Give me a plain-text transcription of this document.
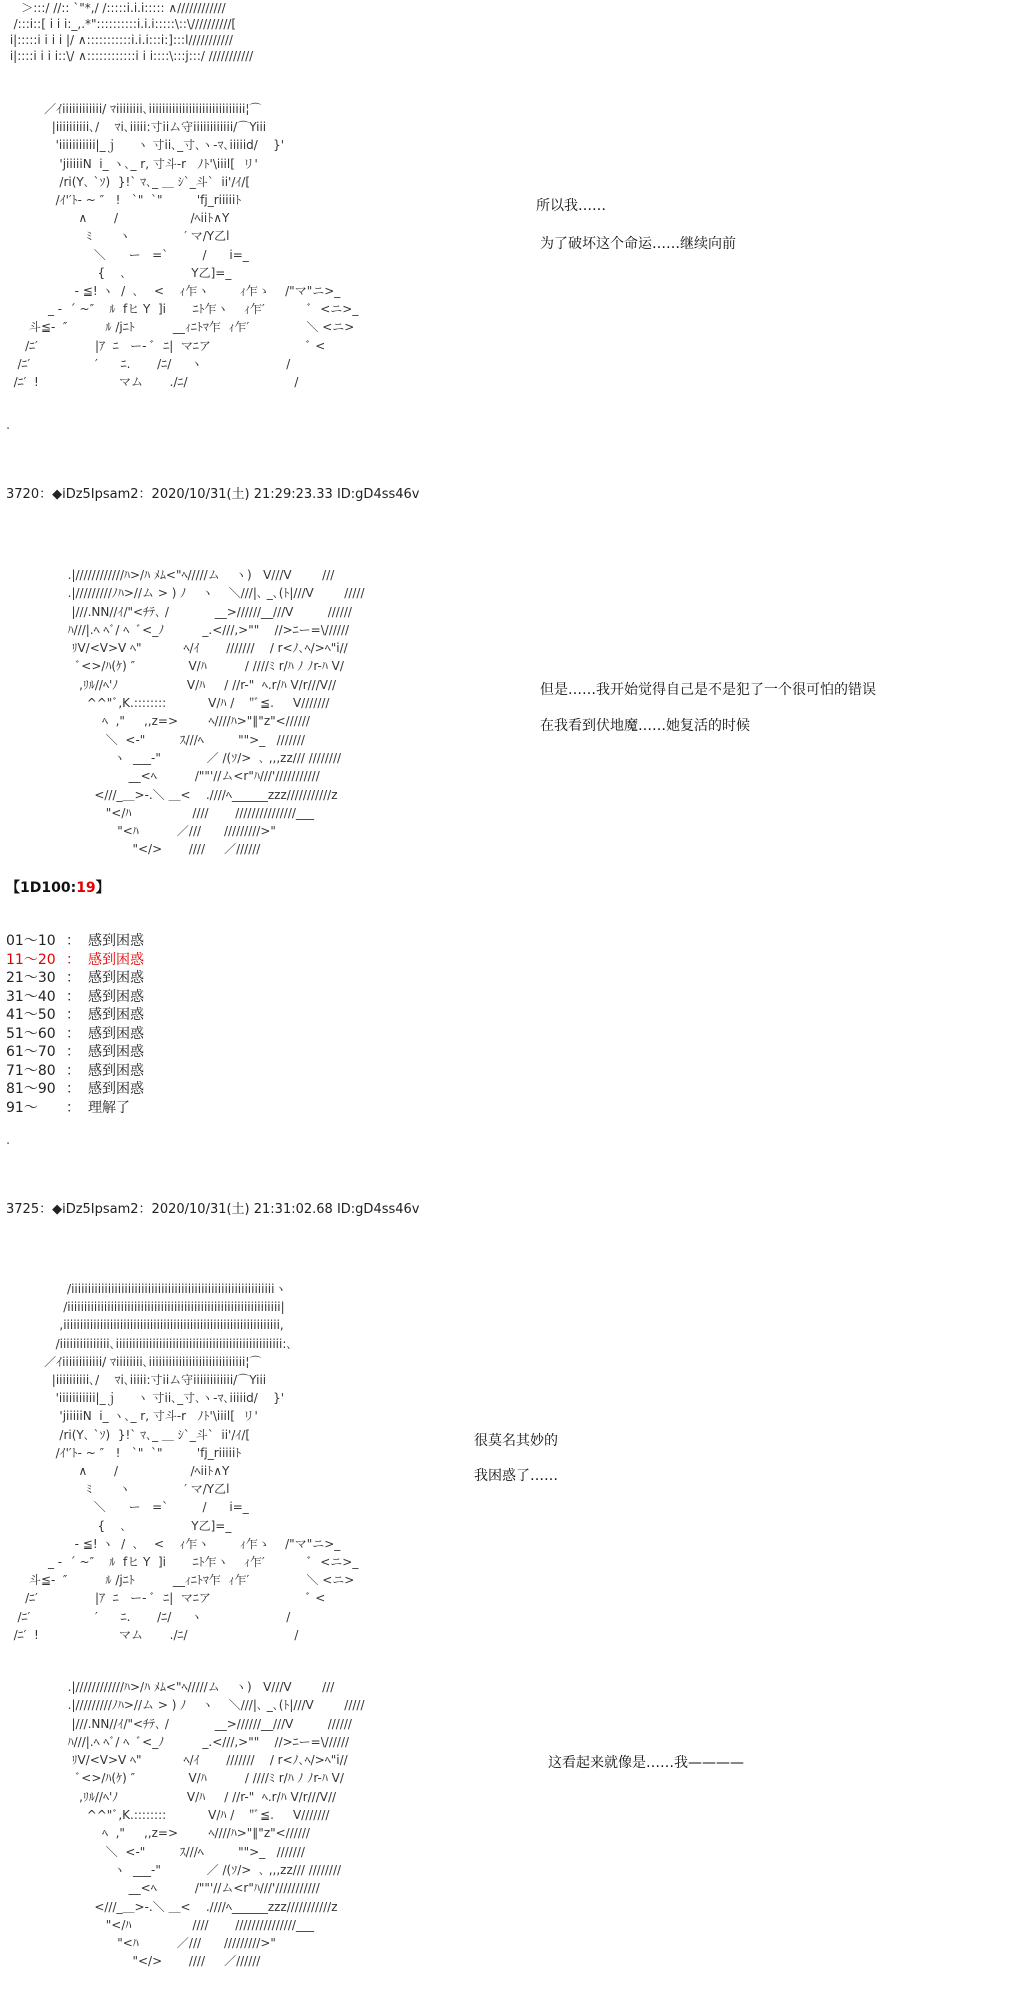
＞:::/ //:: `"*,/ /:::::i.i.i::::: ∧////////////
/:::i::[ i i i:_,.*"::::::::::i.i.i:::::\::\//////////[
i|:::::i i i i |/ ∧:::::::::::i.i.i:::i:]:::l///////////
i|::::i i i i::\/ ∧::::::::::::i i i::::\:::j:::/ ///////////
／ｲiiiiiiiiiiii/ ﾏiiiiiiii､iiiiiiiiiiiiiiiiiiiiiiiiiiiii¦⌒
|iiiiiiiiii､/    ﾏi､iiiii:寸iiム守iiiiiiiiiiii/⌒Yiii
'iiiiiiiiiii|_ｊ     ヽ 寸ii､_寸､ヽ-ﾏ､iiiiid/    }'
'jiiiiiN  i_ ヽ､_ r, 寸斗-r   ﾉﾄ'\iiil[  リ'
/ri(Y､ `ｿ)  }!` ﾏ､_ ＿ ｼ`_斗`  ii'/ｲ/[
/ｲ'′ﾄ‐ ~ ″   !   `"  `"         'fj_riiiiiﾄ
∧       /                   /ﾍiiﾄ∧Y
ﾐ       ヽ              ′ マ/Y乙l
＼      ー   =`         /      i=_
{    ､                 Y乙]=_
- ≦! ヽ  /  ､    <    ｨ乍ヽ        ｨ乍ゝ    /"マ"ニ>_
_ -  ´ ~″    ﾙ  fヒ Y  ]i       ﾆﾄ乍ヽ    ｨ乍′           ﾞ  <ニ>_
斗≦-  ″          ﾙ /jﾆﾄ          __ｨﾆﾄﾏ乍  ｨ乍′               ＼ <ニ>
/ﾆ′               |ｱ  ﾆ   ー‐ ﾞ  ﾆ|  マﾆア                         ﾞ <
/ﾆ′                 ′      ﾆ.       /ﾆ/     ヽ                      /
/ﾆ′  !                     マム       ./ﾆ/                            /
所以我……
为了破坏这个命运……继续向前
.
3720：◆iDz5Ipsam2：2020/10/31(土) 21:29:23.33 ID:gD4ss46v
.|////////////ﾊ>/ﾊ ﾒﾑ<"ﾍ/////ム    ヽ)   V///V        ///
.|/////////ﾉﾊ>//ム > ) ﾉ    ヽ    ＼///|､ _､(ﾄ|///V        /////
|///.NN//ｲ/"<ﾁﾃ､ /            __>//////__///V         //////
ﾊ///|.ﾍ ﾍﾞ/ ﾍ  ﾞ<_ﾉ          _.<///,>""    //>ﾆー=\//////
ﾘV/<V>V ﾍ"           ﾍ/ｲ       ///////    / r<ﾉ､ﾍ/>ﾍ"i//
ﾞ<>/ﾊ(ｹ) ″              V/ﾊ          / ////ﾐ r/ﾊ ﾉ ﾉr-ﾊ V/
,ﾘﾙ//ﾍ'ﾉ                  V/ﾊ     / //r-"  ﾍ.r/ﾊ V/r///V//
^^"ﾞ,K.::::::::           V/ﾊ /    "ﾞ≦.     V///////
ﾍ  ,"     ,,z=>        ﾍ////ﾊ>"∥"z"<//////
＼  <-"         ｽ///ﾍ         "">_   ///////
ヽ  ___-"            ／ /(ｿ/>  ､ ,,,zz/// ////////
__<ﾍ          /""'//ム<r"ﾊ///'///////////
<///_＿>-.＼ ＿<    .////ﾍ______zzz///////////z
"</ﾊ                ////       ///////////////___
"<ﾊ          ／///      /////////>"
"</>       ////     ／//////
但是……我开始觉得自己是不是犯了一个很可怕的错误
在我看到伏地魔……她复活的时候
【1D100:19】
01～10 ： 感到困惑
11～20 ： 感到困惑
21～30 ： 感到困惑
31～40 ： 感到困惑
41～50 ： 感到困惑
51～60 ： 感到困惑
61～70 ： 感到困惑
71～80 ： 感到困惑
81～90 ： 感到困惑
91～ ： 理解了
.
3725：◆iDz5Ipsam2：2020/10/31(土) 21:31:02.68 ID:gD4ss46v
/iiiiiiiiiiiiiiiiiiiiiiiiiiiiiiiiiiiiiiiiiiiiiiiiiiiiiiiiiiiiiヽ
/iiiiiiiiiiiiiiiiiiiiiiiiiiiiiiiiiiiiiiiiiiiiiiiiiiiiiiiiiiiiiiii|
,iiiiiiiiiiiiiiiiiiiiiiiiiiiiiiiiiiiiiiiiiiiiiiiiiiiiiiiiiiiiiiiii,
/iiiiiiiiiiiiiii､iiiiiiiiiiiiiiiiiiiiiiiiiiiiiiiiiiiiiiiiiiiiiiiiii:､
／ｲiiiiiiiiiiii/ ﾏiiiiiiii､iiiiiiiiiiiiiiiiiiiiiiiiiiiii¦⌒
|iiiiiiiiii､/    ﾏi､iiiii:寸iiム守iiiiiiiiiiii/⌒Yiii
'iiiiiiiiiii|_ｊ     ヽ 寸ii､_寸､ヽ-ﾏ､iiiiid/    }'
'jiiiiiN  i_ ヽ､_ r, 寸斗-r   ﾉﾄ'\iiil[  リ'
/ri(Y､ `ｿ)  }!` ﾏ､_ ＿ ｼ`_斗`  ii'/ｲ/[
/ｲ'′ﾄ‐ ~ ″   !   `"  `"         'fj_riiiiiﾄ
∧       /                   /ﾍiiﾄ∧Y
ﾐ       ヽ              ′ マ/Y乙l
＼      ー   =`         /      i=_
{    ､                 Y乙]=_
- ≦! ヽ  /  ､    <    ｨ乍ヽ        ｨ乍ゝ    /"マ"ニ>_
_ -  ´ ~″    ﾙ  fヒ Y  ]i       ﾆﾄ乍ヽ    ｨ乍′           ﾞ  <ニ>_
斗≦-  ″          ﾙ /jﾆﾄ          __ｨﾆﾄﾏ乍  ｨ乍′               ＼ <ニ>
/ﾆ′               |ｱ  ﾆ   ー‐ ﾞ  ﾆ|  マﾆア                         ﾞ <
/ﾆ′                 ′      ﾆ.       /ﾆ/     ヽ                      /
/ﾆ′  !                     マム       ./ﾆ/                            /
很莫名其妙的
我困惑了……
.|////////////ﾊ>/ﾊ ﾒﾑ<"ﾍ/////ム    ヽ)   V///V        ///
.|/////////ﾉﾊ>//ム > ) ﾉ    ヽ    ＼///|､ _､(ﾄ|///V        /////
|///.NN//ｲ/"<ﾁﾃ､ /            __>//////__///V         //////
ﾊ///|.ﾍ ﾍﾞ/ ﾍ  ﾞ<_ﾉ          _.<///,>""    //>ﾆー=\//////
ﾘV/<V>V ﾍ"           ﾍ/ｲ       ///////    / r<ﾉ､ﾍ/>ﾍ"i//
ﾞ<>/ﾊ(ｹ) ″              V/ﾊ          / ////ﾐ r/ﾊ ﾉ ﾉr-ﾊ V/
,ﾘﾙ//ﾍ'ﾉ                  V/ﾊ     / //r-"  ﾍ.r/ﾊ V/r///V//
^^"ﾞ,K.::::::::           V/ﾊ /    "ﾞ≦.     V///////
ﾍ  ,"     ,,z=>        ﾍ////ﾊ>"∥"z"<//////
＼  <-"         ｽ///ﾍ         "">_   ///////
ヽ  ___-"            ／ /(ｿ/>  ､ ,,,zz/// ////////
__<ﾍ          /""'//ム<r"ﾊ///'///////////
<///_＿>-.＼ ＿<    .////ﾍ______zzz///////////z
"</ﾊ                ////       ///////////////___
"<ﾊ          ／///      /////////>"
"</>       ////     ／//////
这看起来就像是……我————
